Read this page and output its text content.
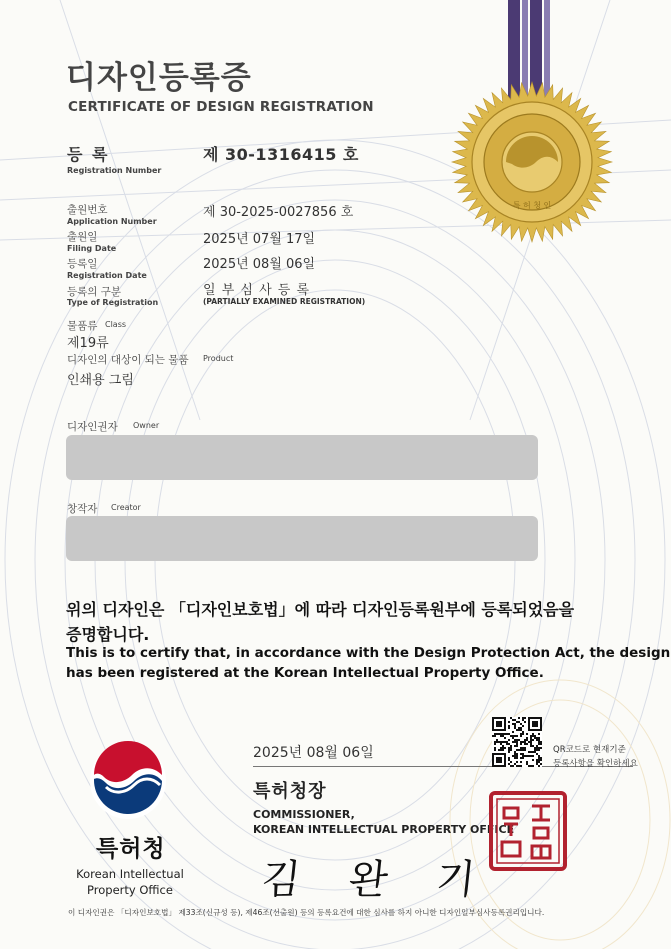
특 허 청 인
디자인등록증
CERTIFICATE OF DESIGN REGISTRATION
등 록
Registration Number
제 30-1316415 호
출원번호
Application Number
제 30-2025-0027856 호
출원일
Filing Date
2025년 07월 17일
등록일
Registration Date
2025년 08월 06일
등록의 구분
Type of Registration
일 부 심 사 등 록
(PARTIALLY EXAMINED REGISTRATION)
물품류 Class
제19류
디자인의 대상이 되는 물품 Product
인쇄용 그림
디자인권자 Owner
창작자 Creator
위의 디자인은 「디자인보호법」에 따라 디자인등록원부에 등록되었음을
증명합니다.
This is to certify that, in accordance with the Design Protection Act, the design
has been registered at the Korean Intellectual Property Office.
2025년 08월 06일
특허청장
COMMISSIONER,
KOREAN INTELLECTUAL PROPERTY OFFICE
김 완 기
특허청
Korean Intellectual
Property Office
QR코드로 현재기준
등록사항을 확인하세요
이 디자인권은 「디자인보호법」 제33조(신규성 등), 제46조(선출원) 등의 등록요건에 대한 심사를 하지 아니한 디자인일부심사등록권리입니다.
